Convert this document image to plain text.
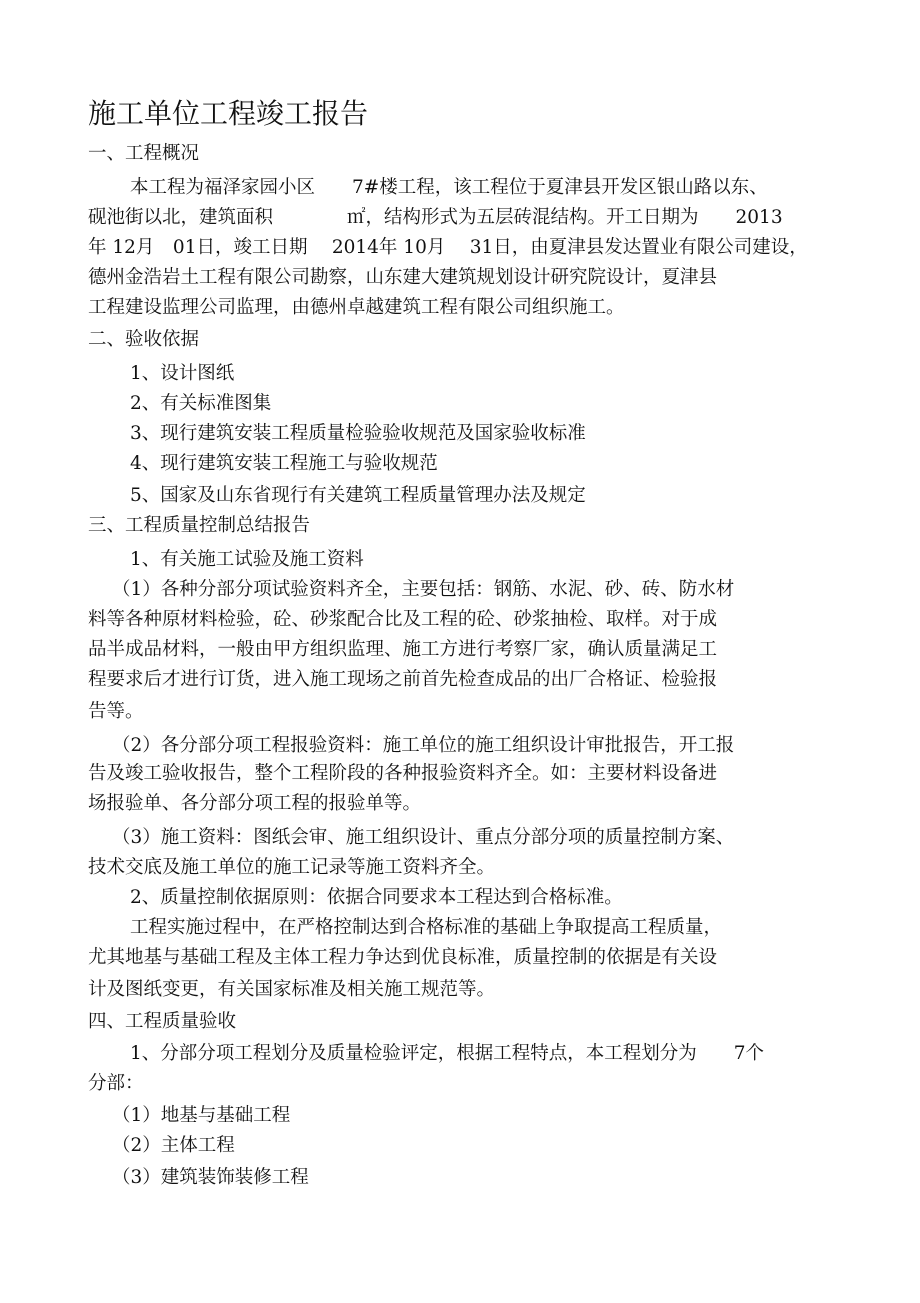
施工单位工程竣工报告
一、工程概况
本工程为福泽家园小区　　7#楼工程，该工程位于夏津县开发区银山路以东、
砚池街以北，建筑面积　　　　㎡，结构形式为五层砖混结构。开工日期为　　2013
年 12月　01日，竣工日期　 2014年 10月　 31日，由夏津县发达置业有限公司建设，
德州金浩岩土工程有限公司勘察，山东建大建筑规划设计研究院设计，夏津县
工程建设监理公司监理，由德州卓越建筑工程有限公司组织施工。
二、验收依据
1、设计图纸
2、有关标准图集
3、现行建筑安装工程质量检验验收规范及国家验收标准
4、现行建筑安装工程施工与验收规范
5、国家及山东省现行有关建筑工程质量管理办法及规定
三、工程质量控制总结报告
1、有关施工试验及施工资料
（1）各种分部分项试验资料齐全，主要包括：钢筋、水泥、砂、砖、防水材
料等各种原材料检验，砼、砂浆配合比及工程的砼、砂浆抽检、取样。对于成
品半成品材料，一般由甲方组织监理、施工方进行考察厂家，确认质量满足工
程要求后才进行订货，进入施工现场之前首先检查成品的出厂合格证、检验报
告等。
（2）各分部分项工程报验资料：施工单位的施工组织设计审批报告，开工报
告及竣工验收报告，整个工程阶段的各种报验资料齐全。如：主要材料设备进
场报验单、各分部分项工程的报验单等。
（3）施工资料：图纸会审、施工组织设计、重点分部分项的质量控制方案、
技术交底及施工单位的施工记录等施工资料齐全。
2、质量控制依据原则：依据合同要求本工程达到合格标准。
工程实施过程中，在严格控制达到合格标准的基础上争取提高工程质量，
尤其地基与基础工程及主体工程力争达到优良标准，质量控制的依据是有关设
计及图纸变更，有关国家标准及相关施工规范等。
四、工程质量验收
1、分部分项工程划分及质量检验评定，根据工程特点，本工程划分为　　7个
分部：
（1）地基与基础工程
（2）主体工程
（3）建筑装饰装修工程
